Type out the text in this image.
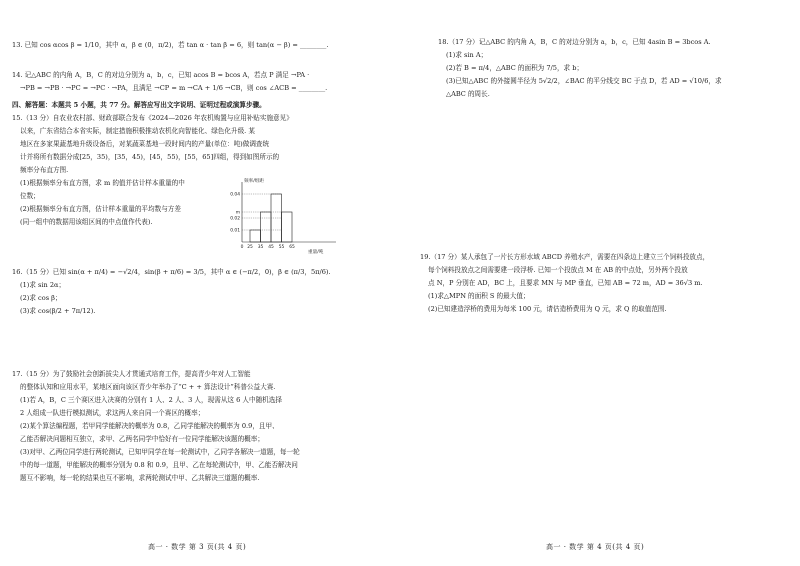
13. 已知 cos αcos β = 1/10，其中 α，β ∈ (0，π/2)，若 tan α · tan β = 6，则 tan(α − β) = ________.

14. 记△ABC 的内角 A，B，C 的对边分别为 a，b，c，已知 acos B = bcos A，若点 P 满足 →PA ·

→PB = →PB · →PC = →PC · →PA，且满足 →CP = m →CA + 1/6 →CB，则 cos ∠ACB = ________.

四、解答题：本题共 5 小题，共 77 分。解答应写出文字说明、证明过程或演算步骤。

15.（13 分）自农业农村部、财政部联合发布《2024—2026 年农机购置与应用补贴实施意见》

以来，广东省结合本省实际，制定措施积极推动农机化向智能化、绿色化升级. 某

地区在多家果蔬基地升级设备后，对某蔬菜基地一段时间内的产量(单位：吨)做调查统

计并将所有数据分成[25，35)，[35，45)，[45，55)，[55，65]四组，得到如图所示的

频率分布直方图.

(1)根据频率分布直方图，求 m 的值并估计样本重量的中

位数；

(2)根据频率分布直方图，估计样本重量的平均数与方差

(同一组中的数据用该组区间的中点值作代表).

频率/组距
重量/吨
0.01
m
0.02
0.04
0 25 35 45 55 65

16.（15 分）已知 sin(α + π/4) = −√2/4，sin(β + π/6) = 3/5，其中 α ∈ (−π/2，0)，β ∈ (π/3，5π/6).

(1)求 sin 2α；

(2)求 cos β；

(3)求 cos(β/2 + 7π/12).

17.（15 分）为了鼓励社会创新拔尖人才贯通式培育工作，提高青少年对人工智能

的整体认知和应用水平，某地区面向该区青少年举办了“C + + 算法设计”科普公益大赛.

(1)若 A，B，C 三个赛区进入决赛的分别有 1 人、2 人、3 人，现需从这 6 人中随机选择

2 人组成一队进行模拟测试，求这两人来自同一个赛区的概率；

(2)某个算法编程题，若甲同学能解决的概率为 0.8，乙同学能解决的概率为 0.9，且甲、

乙能否解决问题相互独立，求甲、乙两名同学中恰好有一位同学能解决该题的概率；

(3)对甲、乙两位同学进行两轮测试，已知甲同学在每一轮测试中，乙同学各解决一道题，每一轮

中的每一道题，甲能解决的概率分别为 0.8 和 0.9，且甲、乙在每轮测试中，甲、乙能否解决问

题互不影响，每一轮的结果也互不影响，求两轮测试中甲、乙共解决三道题的概率.

高一 · 数学 第 3 页(共 4 页)

18.（17 分）记△ABC 的内角 A，B，C 的对边分别为 a，b，c，已知 4asin B = 3bcos A.

(1)求 sin A；

(2)若 B = π/4，△ABC 的面积为 7/5，求 b；

(3)已知△ABC 的外接圆半径为 5√2/2，∠BAC 的平分线交 BC 于点 D，若 AD = √10/6，求

△ABC 的周长.

19.（17 分）某人承包了一片长方形水域 ABCD 养殖水产，需要在四条边上建立三个饲料投放点，

每个饲料投放点之间需要建一段浮桥. 已知一个投放点 M 在 AB 的中点处，另外两个投放

点 N，P 分别在 AD，BC 上，且要求 MN 与 MP 垂直，已知 AB = 72 m，AD = 36√3 m.

(1)求△MPN 的面积 S 的最大值；

(2)已知建造浮桥的费用为每米 100 元，请估造桥费用为 Q 元，求 Q 的取值范围.

高一 · 数学 第 4 页(共 4 页)
